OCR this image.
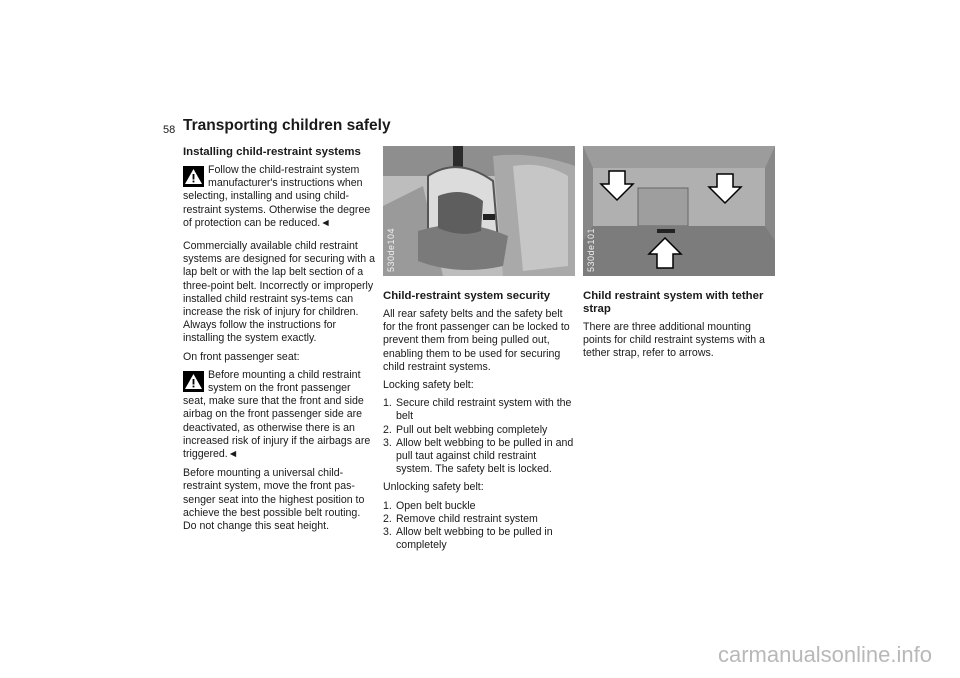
58 Transporting children safely
Installing child-restraint systems
Follow the child-restraint system manufacturer's instructions when selecting, installing and using child-restraint systems. Otherwise the degree of protection can be reduced.◄

Commercially available child restraint systems are designed for securing with a lap belt or with the lap belt section of a three-point belt. Incorrectly or improperly installed child restraint sys-tems can increase the risk of injury for children. Always follow the instructions for installing the system exactly.

On front passenger seat:

Before mounting a child restraint system on the front passenger seat, make sure that the front and side airbag on the front passenger side are deactivated, as otherwise there is an increased risk of injury if the airbags are triggered.◄

Before mounting a universal child-restraint system, move the front pas-senger seat into the highest position to achieve the best possible belt routing. Do not change this seat height.

530de104
Child-restraint system security

All rear safety belts and the safety belt for the front passenger can be locked to prevent them from being pulled out, enabling them to be used for securing child restraint systems.

Locking safety belt:

1. Secure child restraint system with the belt
2. Pull out belt webbing completely
3. Allow belt webbing to be pulled in and pull taut against child restraint system. The safety belt is locked.

Unlocking safety belt:

1. Open belt buckle
2. Remove child restraint system
3. Allow belt webbing to be pulled in completely
530de101
Child restraint system with tether strap

There are three additional mounting points for child restraint systems with a tether strap, refer to arrows.

carmanualsonline.info
